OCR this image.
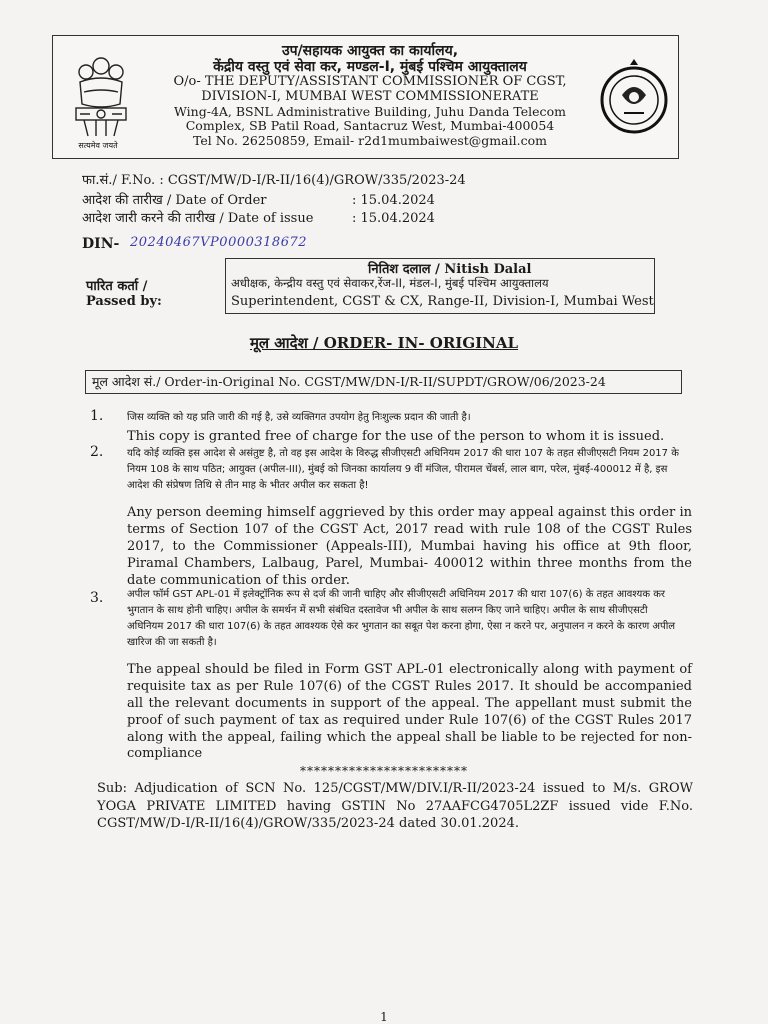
सत्यमेव जयते
उप/सहायक आयुक्त का कार्यालय,
केंद्रीय वस्तु एवं सेवा कर, मण्डल-I, मुंबई पश्चिम आयुक्तालय
O/o- THE DEPUTY/ASSISTANT COMMISSIONER OF CGST,
DIVISION-I, MUMBAI WEST COMMISSIONERATE
Wing-4A, BSNL Administrative Building, Juhu Danda Telecom
Complex, SB Patil Road, Santacruz West, Mumbai-400054
Tel No. 26250859, Email- r2d1mumbaiwest@gmail.com
फा.सं./ F.No. : CGST/MW/D-I/R-II/16(4)/GROW/335/2023-24
आदेश की तारीख / Date of Order	: 15.04.2024
आदेश जारी करने की तारीख / Date of issue	: 15.04.2024
DIN- 20240467VP0000318672
पारित कर्ता /
Passed by:
नितिश दलाल / Nitish Dalal
अधीक्षक, केन्द्रीय वस्तु एवं सेवाकर,रेंज-II, मंडल-I, मुंबई पश्चिम आयुक्तालय
Superintendent, CGST & CX, Range-II, Division-I, Mumbai West
मूल आदेश / ORDER- IN- ORIGINAL
मूल आदेश सं./ Order-in-Original No. CGST/MW/DN-I/R-II/SUPDT/GROW/06/2023-24
1. जिस व्यक्ति को यह प्रति जारी की गई है, उसे व्यक्तिगत उपयोग हेतु निःशुल्क प्रदान की जाती है।
This copy is granted free of charge for the use of the person to whom it is issued.
2. यदि कोई व्यक्ति इस आदेश से असंतुष्ट है, तो वह इस आदेश के विरुद्ध सीजीएसटी अधिनियम 2017 की धारा 107 के तहत सीजीएसटी नियम 2017 के नियम 108 के साथ पठित; आयुक्त (अपील-III), मुंबई को जिनका कार्यालय 9 वीं मंजिल, पीरामल चेंबर्स, लाल बाग, परेल, मुंबई-400012 में है, इस आदेश की संप्रेषण तिथि से तीन माह के भीतर अपील कर सकता है!
Any person deeming himself aggrieved by this order may appeal against this order in terms of Section 107 of the CGST Act, 2017 read with rule 108 of the CGST Rules 2017, to the Commissioner (Appeals-III), Mumbai having his office at 9th floor, Piramal Chambers, Lalbaug, Parel, Mumbai- 400012 within three months from the date communication of this order.
3. अपील फॉर्म GST APL-01 में इलेक्ट्रॉनिक रूप से दर्ज की जानी चाहिए और सीजीएसटी अधिनियम 2017 की धारा 107(6) के तहत आवश्यक कर भुगतान के साथ होनी चाहिए। अपील के समर्थन में सभी संबंधित दस्तावेज भी अपील के साथ सलग्न किए जाने चाहिए। अपील के साथ सीजीएसटी अधिनियम 2017 की धारा 107(6) के तहत आवश्यक ऐसे कर भुगतान का सबूत पेश करना होगा, ऐसा न करने पर, अनुपालन न करने के कारण अपील खारिज की जा सकती है।
The appeal should be filed in Form GST APL-01 electronically along with payment of requisite tax as per Rule 107(6) of the CGST Rules 2017. It should be accompanied all the relevant documents in support of the appeal. The appellant must submit the proof of such payment of tax as required under Rule 107(6) of the CGST Rules 2017 along with the appeal, failing which the appeal shall be liable to be rejected for non-compliance
************************
Sub: Adjudication of SCN No. 125/CGST/MW/DIV.I/R-II/2023-24 issued to M/s. GROW YOGA PRIVATE LIMITED having GSTIN No 27AAFCG4705L2ZF issued vide F.No. CGST/MW/D-I/R-II/16(4)/GROW/335/2023-24 dated 30.01.2024.
1
